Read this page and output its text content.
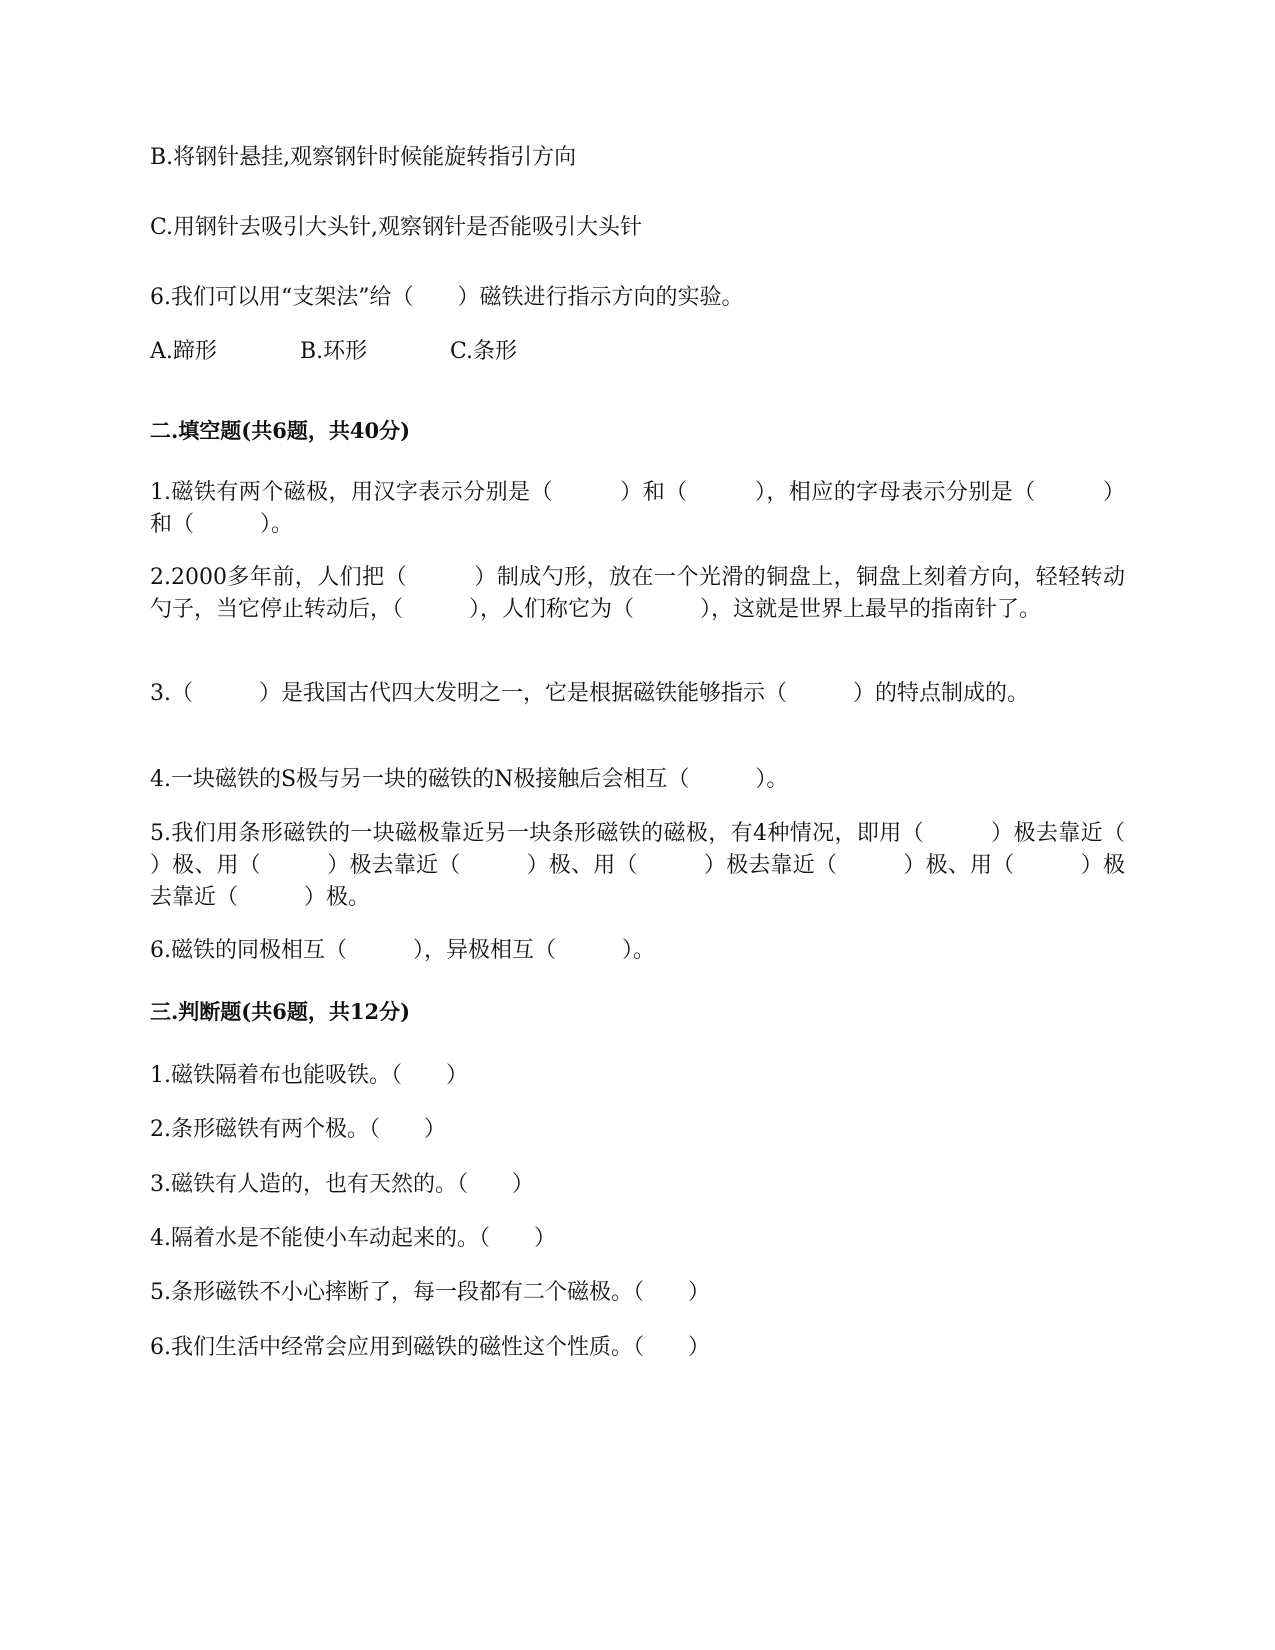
B.将钢针悬挂,观察钢针时候能旋转指引方向
C.用钢针去吸引大头针,观察钢针是否能吸引大头针
6.我们可以用“支架法”给（　　）磁铁进行指示方向的实验。
A.蹄形	B.环形	C.条形
二.填空题(共6题，共40分)
1.磁铁有两个磁极，用汉字表示分别是（　　　）和（　　　），相应的字母表示分别是（　　　）和（　　　）。
2.2000多年前，人们把（　　　）制成勺形，放在一个光滑的铜盘上，铜盘上刻着方向，轻轻转动勺子，当它停止转动后，（　　　），人们称它为（　　　），这就是世界上最早的指南针了。
3.（　　　）是我国古代四大发明之一，它是根据磁铁能够指示（　　　）的特点制成的。
4.一块磁铁的S极与另一块的磁铁的N极接触后会相互（　　　）。
5.我们用条形磁铁的一块磁极靠近另一块条形磁铁的磁极，有4种情况，即用（　　　）极去靠近（　　　）极、用（　　　）极去靠近（　　　）极、用（　　　）极去靠近（　　　）极、用（　　　）极去靠近（　　　）极。
6.磁铁的同极相互（　　　），异极相互（　　　）。
三.判断题(共6题，共12分)
1.磁铁隔着布也能吸铁。（　　）
2.条形磁铁有两个极。（　　）
3.磁铁有人造的，也有天然的。（　　）
4.隔着水是不能使小车动起来的。（　　）
5.条形磁铁不小心摔断了，每一段都有二个磁极。（　　）
6.我们生活中经常会应用到磁铁的磁性这个性质。（　　）
